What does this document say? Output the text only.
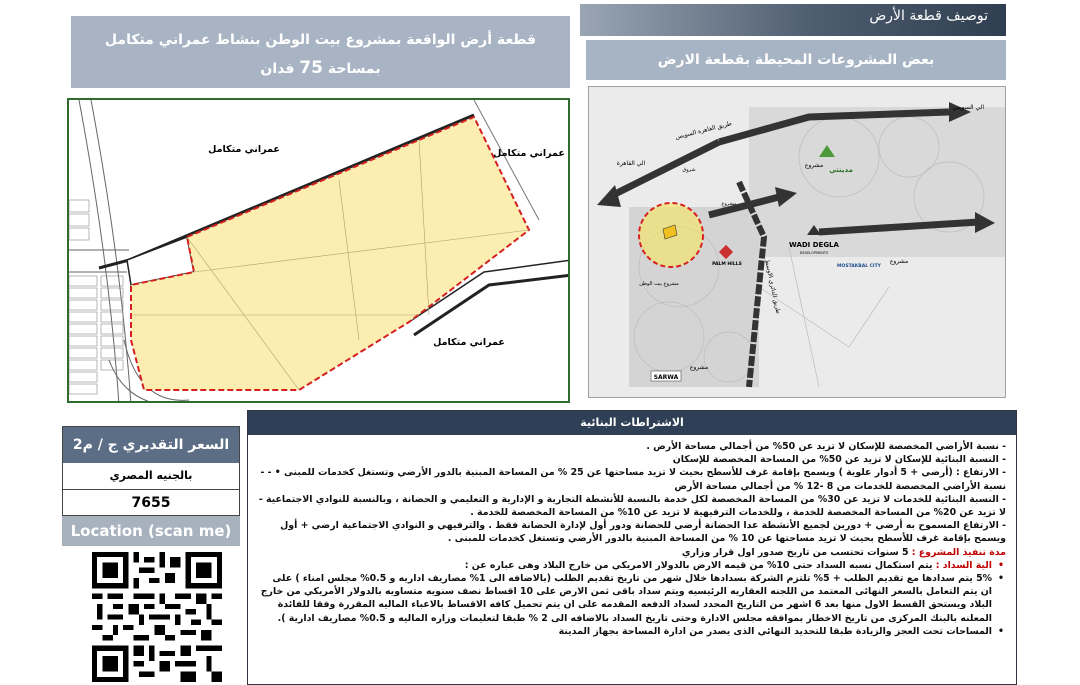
توصيف قطعة الأرض
بعض المشروعات المحيطة بقطعة الارض
قطعة أرض الواقعة بمشروع بيت الوطن بنشاط عمراني متكامل
بمساحة 75 فدان
عمراني متكامل	عمراني متكامل
عمراني متكامل
الي السويس
طريق القاهرة السويس
الي القاهرة	مشروع
مدينتي
WADI DEGLA
DEVELOPMENTS
مشروع
MOSTAKBAL CITY
PALM HILLS	طريق الدائري الاوسط
مشروع
SARWA
مشروع بيت الوطن
شروق
مشروع
السعر التقديري ج / م2
بالجنيه المصري
7655
Location (scan me)
الاشتراطات البنائية
- نسبة الأراضي المخصصة للإسكان لا تزيد عن 50% من أجمالي مساحة الأرض .
- النسبة البنائية للإسكان لا تزيد عن 50% من المساحة المخصصة للإسكان
- الارتفاع : (أرضي + 5 أدوار علوية ) ويسمح بإقامة غرف للأسطح بحيث لا تزيد مساحتها عن 25 % من المساحة المبنية بالدور الأرضي وتستغل كخدمات للمبنى • - - نسبة الأراضي المخصصة للخدمات من 8 -12 % من أجمالي مساحة الأرض
- النسبة البنائية للخدمات لا تزيد عن 30% من المساحة المخصصة لكل خدمة بالنسبة للأنشطة التجارية و الإدارية و التعليمي و الحضانة ، وبالنسبة للنوادي الاجتماعية - لا تزيد عن 20% من المساحة المخصصة للخدمة ، وللخدمات الترفيهية لا تزيد عن 10% من المساحة المخصصة للخدمة .
- الارتفاع المسموح به أرضي + دورين لجميع الأنشطة عدا الحضانة أرضي للحضانة ودور أول لإدارة الحضانة فقط . والترفيهي و النوادي الاجتماعية ارضي + أول ويسمح بإقامة غرف للأسطح بحيث لا تزيد مساحتها عن 10 % من المساحة المبنية بالدور الأرضي وتستغل كخدمات للمبنى .
مدة تنفيذ المشروع : 5 سنوات تحتسب من تاريخ صدور اول قرار وزاري
• الية السداد : يتم استكمال نسبه السداد حتى 10% من قيمه الارض بالدولار الامريكي من خارج البلاد وهى عباره عن :
• 5% يتم سدادها مع تقديم الطلب + 5% تلتزم الشركة بسدادها خلال شهر من تاريخ تقديم الطلب (بالاضافه الى 1% مصاريف اداريه و 0.5% مجلس امناء ) على ان يتم التعامل بالسعر النهائى المعتمد من اللجنه العقاريه الرئيسيه ويتم سداد باقى ثمن الارض على 10 اقساط نصف سنويه متساويه بالدولار الأمريكي من خارج البلاد ويستحق القسط الاول منها بعد 6 اشهر من التاريخ المحدد لسداد الدفعه المقدمه على ان يتم تحميل كافه الاقساط بالاعباء الماليه المقررة وفقا للفائدة المعلنه بالبنك المركزى من تاريخ الاخطار بموافقه مجلس الادارة وحتى تاريخ السداد بالاضافه الى 2 % طبقا لتعليمات وزاره الماليه و 0.5% مصاريف ادارية ).
• المساحات تحت العجز والزيادة طبقا للتحديد النهائي الذى يصدر من ادارة المساحة بجهاز المدينة
